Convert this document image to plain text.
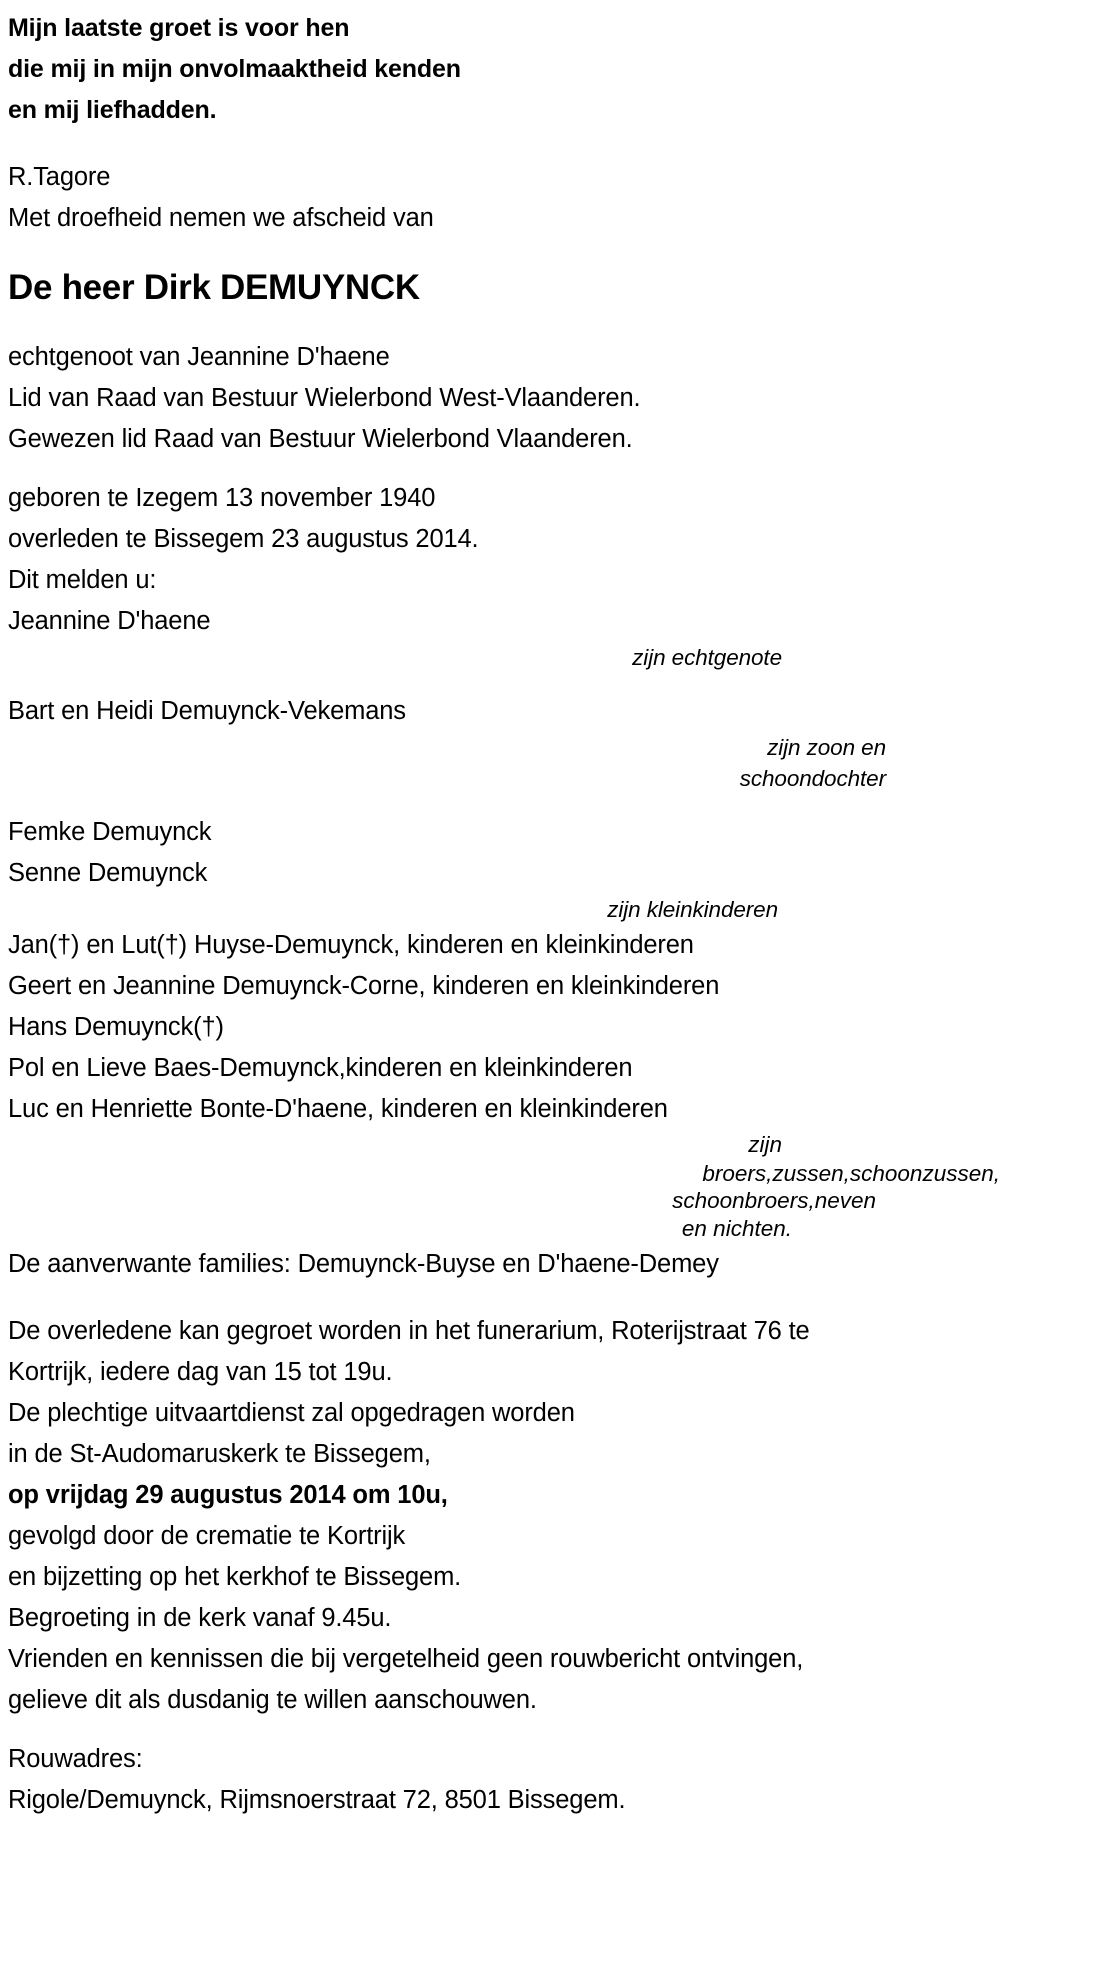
Mijn laatste groet is voor hen
die mij in mijn onvolmaaktheid kenden
en mij liefhadden.
R.Tagore
Met droefheid nemen we afscheid van
De heer Dirk DEMUYNCK
echtgenoot van Jeannine D'haene
Lid van Raad van Bestuur Wielerbond West-Vlaanderen.
Gewezen lid Raad van Bestuur Wielerbond Vlaanderen.
geboren te Izegem 13 november 1940
overleden te Bissegem 23 augustus 2014.
Dit melden u:
Jeannine D'haene
zijn echtgenote
Bart en Heidi Demuynck-Vekemans
zijn zoon en
schoondochter
Femke Demuynck
Senne Demuynck
zijn kleinkinderen
Jan(†) en Lut(†) Huyse-Demuynck, kinderen en kleinkinderen
Geert en Jeannine Demuynck-Corne, kinderen en kleinkinderen
Hans Demuynck(†)
Pol en Lieve Baes-Demuynck,kinderen en kleinkinderen
Luc en Henriette Bonte-D'haene, kinderen en kleinkinderen
zijn
broers,zussen,schoonzussen,
schoonbroers,neven
en nichten.
De aanverwante families: Demuynck-Buyse en D'haene-Demey
De overledene kan gegroet worden in het funerarium, Roterijstraat 76 te
Kortrijk, iedere dag van 15 tot 19u.
De plechtige uitvaartdienst zal opgedragen worden
in de St-Audomaruskerk te Bissegem,
op vrijdag 29 augustus 2014 om 10u,
gevolgd door de crematie te Kortrijk
en bijzetting op het kerkhof te Bissegem.
Begroeting in de kerk vanaf 9.45u.
Vrienden en kennissen die bij vergetelheid geen rouwbericht ontvingen,
gelieve dit als dusdanig te willen aanschouwen.
Rouwadres:
Rigole/Demuynck, Rijmsnoerstraat 72, 8501 Bissegem.
